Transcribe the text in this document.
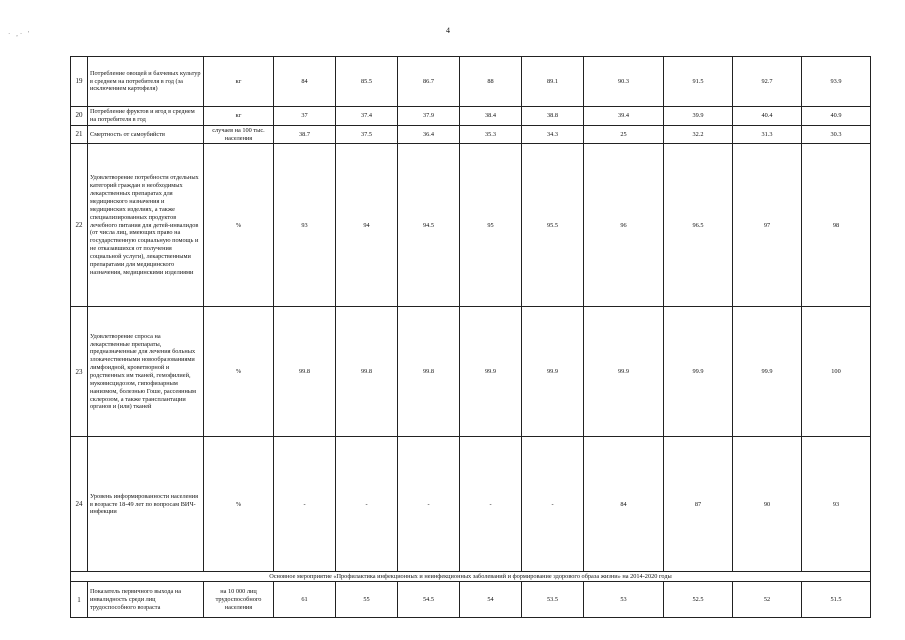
4
· ,· '
19	Потребление овощей и бахчевых культур в среднем на потребителя в год (за исключением картофеля)	кг	84	85.5	86.7	88	89.1	90.3	91.5	92.7	93.9
20	Потребление фруктов и ягод в среднем на потребителя в год	кг	37	37.4	37.9	38.4	38.8	39.4	39.9	40.4	40.9
21	Смертность от самоубийств	случаев на 100 тыс. населения	38.7	37.5	36.4	35.3	34.3	25	32.2	31.3	30.3
22	Удовлетворение потребности отдельных категорий граждан в необходимых лекарственных препаратах для медицинского назначения и медицинских изделиях, а также специализированных продуктов лечебного питания для детей-инвалидов (от числа лиц, имеющих право на государственную социальную помощь и не отказавшихся от получения социальной услуги), лекарственными препаратами для медицинского назначения, медицинскими изделиями	%	93	94	94.5	95	95.5	96	96.5	97	98
23	Удовлетворение спроса на лекарственные препараты, предназначенные для лечения больных злокачественными новообразованиями лимфоидной, кроветворной и родственных им тканей, гемофилией, муковисцидозом, гипофизарным нанизмом, болезнью Гоше, рассеянным склерозом, а также трансплантации органов и (или) тканей	%	99.8	99.8	99.8	99.9	99.9	99.9	99.9	99.9	100
24	Уровень информированности населения в возрасте 18-49 лет по вопросам ВИЧ-инфекции	%	-	-	-	-	-	84	87	90	93
Основное мероприятие «Профилактика инфекционных и неинфекционных заболеваний и формирование здорового образа жизни» на 2014-2020 годы											
1	Показатель первичного выхода на инвалидность среди лиц трудоспособного возраста	на 10 000 лиц трудоспособного населения	61	55	54.5	54	53.5	53	52.5	52	51.5
